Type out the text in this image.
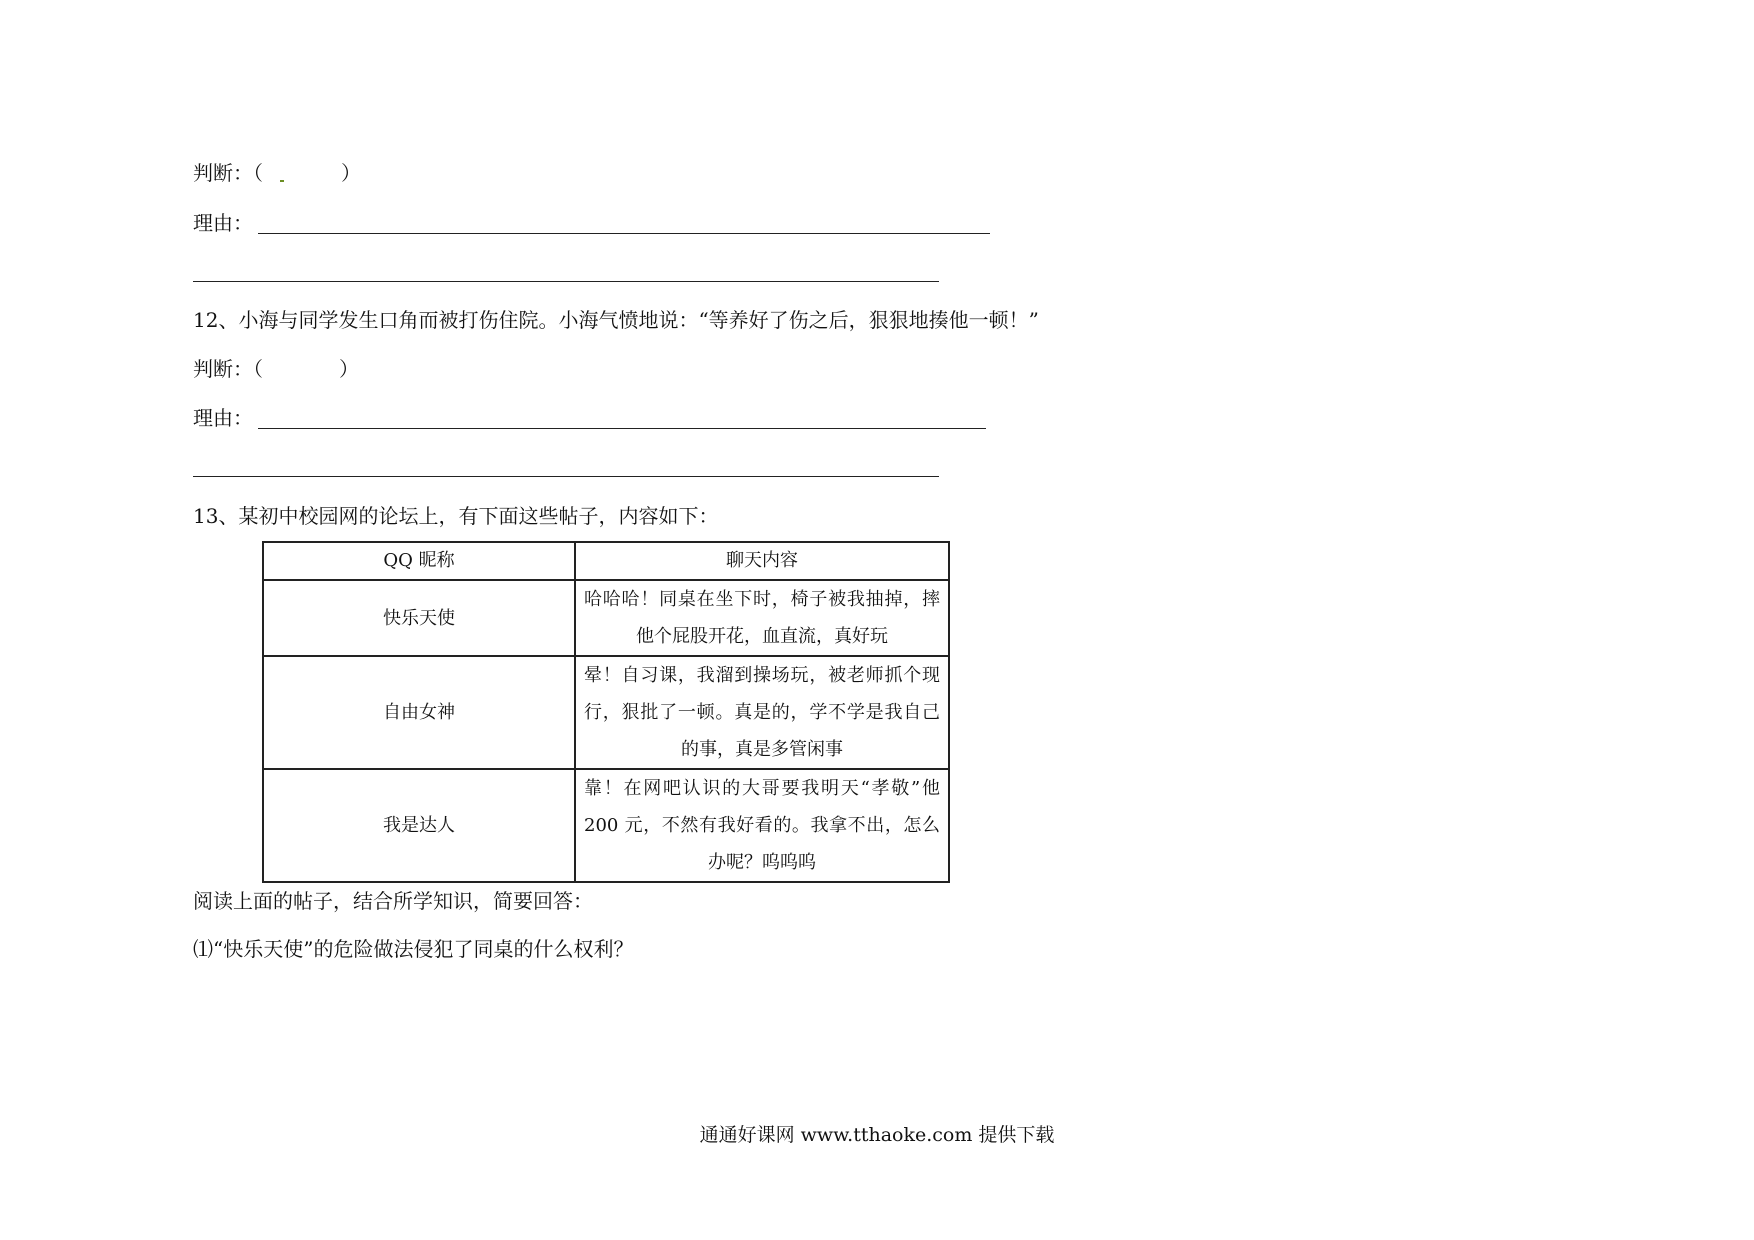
判断：（	）
理由：
12、小海与同学发生口角而被打伤住院。小海气愤地说：“等养好了伤之后，狠狠地揍他一顿！”
判断：（	）
理由：
13、某初中校园网的论坛上，有下面这些帖子，内容如下：
QQ 昵称	聊天内容
快乐天使	哈哈哈！同桌在坐下时，椅子被我抽掉，摔他个屁股开花，血直流，真好玩
自由女神	晕！自习课，我溜到操场玩，被老师抓个现行，狠批了一顿。真是的，学不学是我自己的事，真是多管闲事
我是达人	靠！在网吧认识的大哥要我明天“孝敬”他200 元，不然有我好看的。我拿不出，怎么办呢？呜呜呜
阅读上面的帖子，结合所学知识，简要回答：
⑴“快乐天使”的危险做法侵犯了同桌的什么权利？
通通好课网 www.tthaoke.com 提供下载
